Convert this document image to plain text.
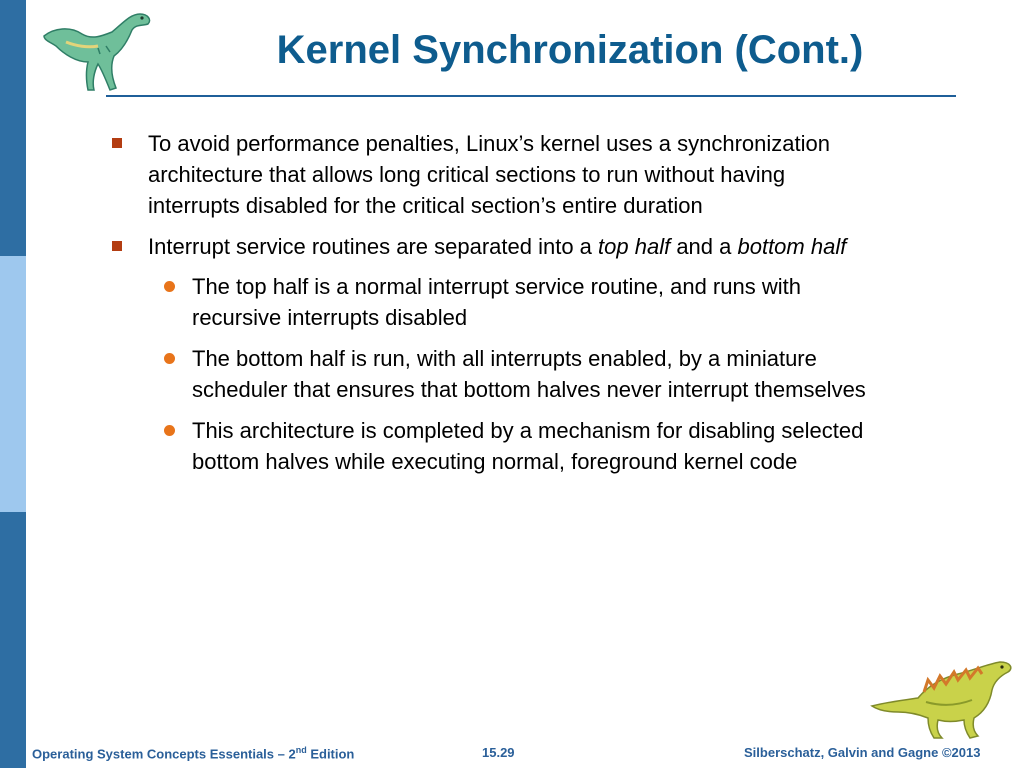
Kernel Synchronization (Cont.)
To avoid performance penalties, Linux’s kernel uses a synchronization architecture that allows long critical sections to run without having interrupts disabled for the critical section’s entire duration
Interrupt service routines are separated into a top half and a bottom half
The top half is a normal interrupt service routine, and runs with recursive interrupts disabled
The bottom half is run, with all interrupts enabled, by a miniature scheduler that ensures that bottom halves never interrupt themselves
This architecture is completed by a mechanism for disabling selected bottom halves while executing normal, foreground kernel code
Operating System Concepts Essentials – 2nd Edition	15.29	Silberschatz, Galvin and Gagne ©2013
